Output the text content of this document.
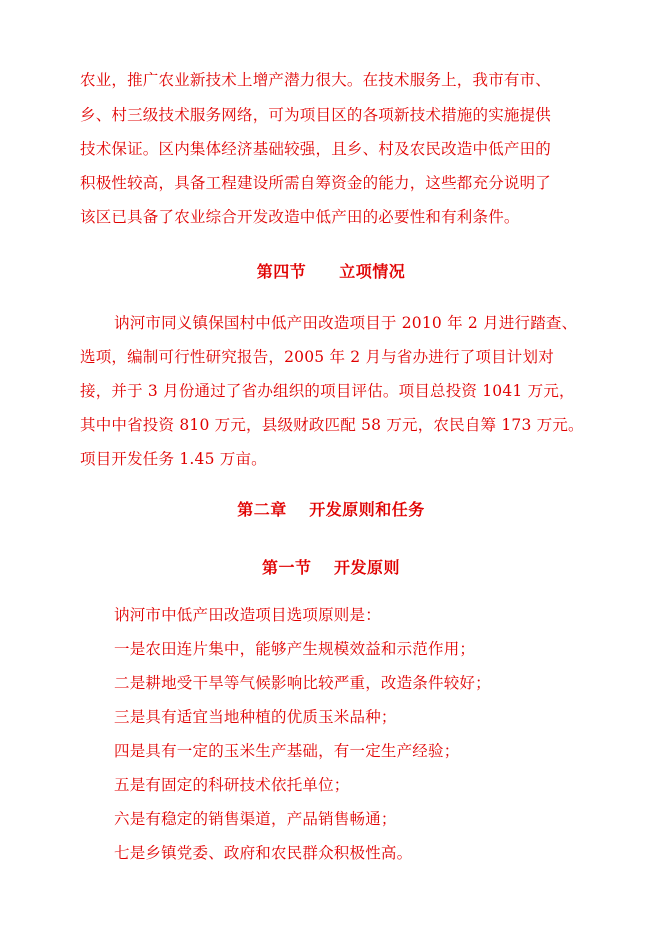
农业，推广农业新技术上增产潜力很大。在技术服务上，我市有市、
乡、村三级技术服务网络，可为项目区的各项新技术措施的实施提供
技术保证。区内集体经济基础较强，且乡、村及农民改造中低产田的
积极性较高，具备工程建设所需自筹资金的能力，这些都充分说明了
该区已具备了农业综合开发改造中低产田的必要性和有利条件。
第四节　　立项情况
讷河市同义镇保国村中低产田改造项目于 2010 年 2 月进行踏查、
选项，编制可行性研究报告，2005 年 2 月与省办进行了项目计划对
接，并于 3 月份通过了省办组织的项目评估。项目总投资 1041 万元，
其中中省投资 810 万元，县级财政匹配 58 万元，农民自筹 173 万元。
项目开发任务 1.45 万亩。
第二章　 开发原则和任务
第一节　 开发原则
讷河市中低产田改造项目选项原则是：
一是农田连片集中，能够产生规模效益和示范作用；
二是耕地受干旱等气候影响比较严重，改造条件较好；
三是具有适宜当地种植的优质玉米品种；
四是具有一定的玉米生产基础，有一定生产经验；
五是有固定的科研技术依托单位；
六是有稳定的销售渠道，产品销售畅通；
七是乡镇党委、政府和农民群众积极性高。
